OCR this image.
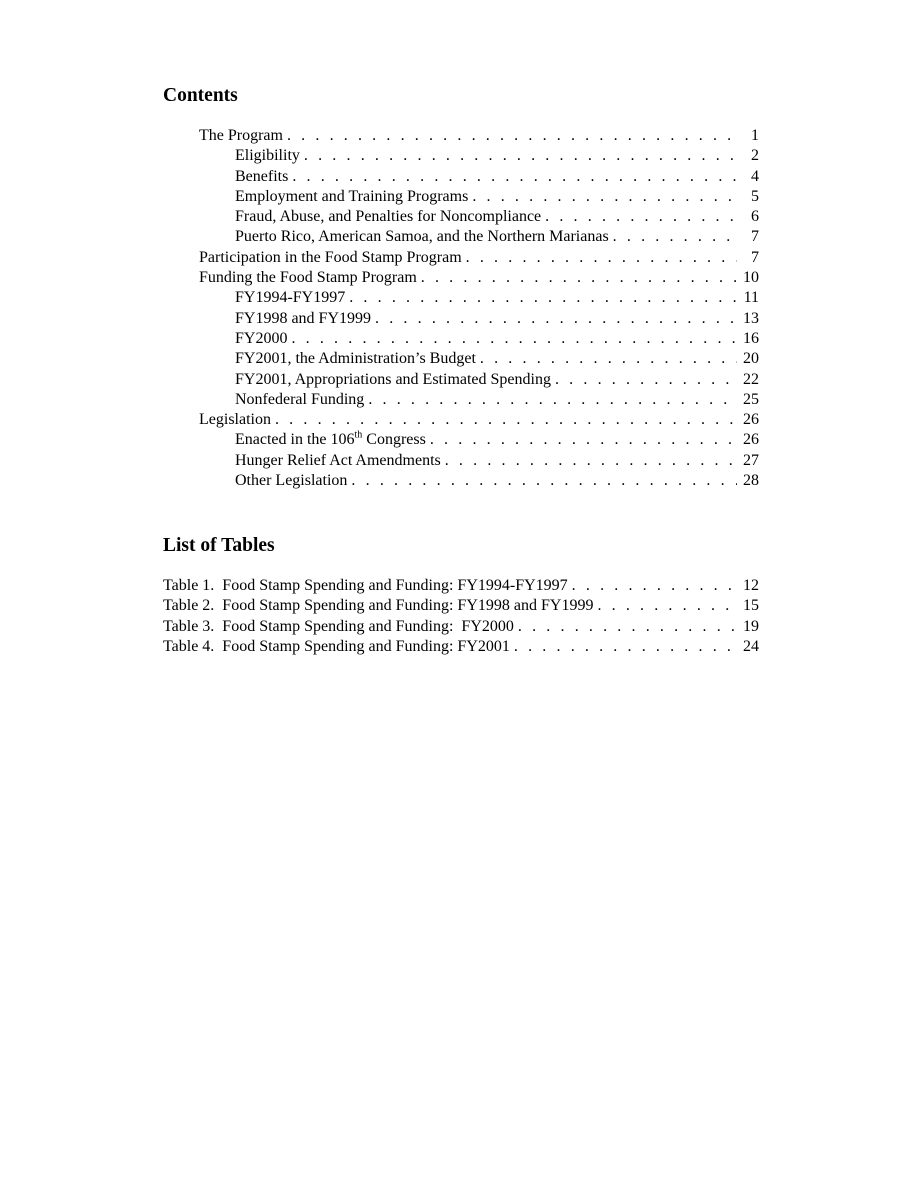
Contents
The Program . . .	1
Eligibility . . .	2
Benefits . . .	4
Employment and Training Programs . . .	5
Fraud, Abuse, and Penalties for Noncompliance . . .	6
Puerto Rico, American Samoa, and the Northern Marianas . . .	7
Participation in the Food Stamp Program . . .	7
Funding the Food Stamp Program . . .	10
FY1994-FY1997 . . .	11
FY1998 and FY1999 . . .	13
FY2000 . . .	16
FY2001, the Administration’s Budget . . .	20
FY2001, Appropriations and Estimated Spending . . .	22
Nonfederal Funding . . .	25
Legislation . . .	26
Enacted in the 106th Congress . . .	26
Hunger Relief Act Amendments . . .	27
Other Legislation . . .	28
List of Tables
Table 1.  Food Stamp Spending and Funding: FY1994-FY1997 . . .	12
Table 2.  Food Stamp Spending and Funding: FY1998 and FY1999 . . .	15
Table 3.  Food Stamp Spending and Funding:  FY2000 . . .	19
Table 4.  Food Stamp Spending and Funding: FY2001 . . .	24
